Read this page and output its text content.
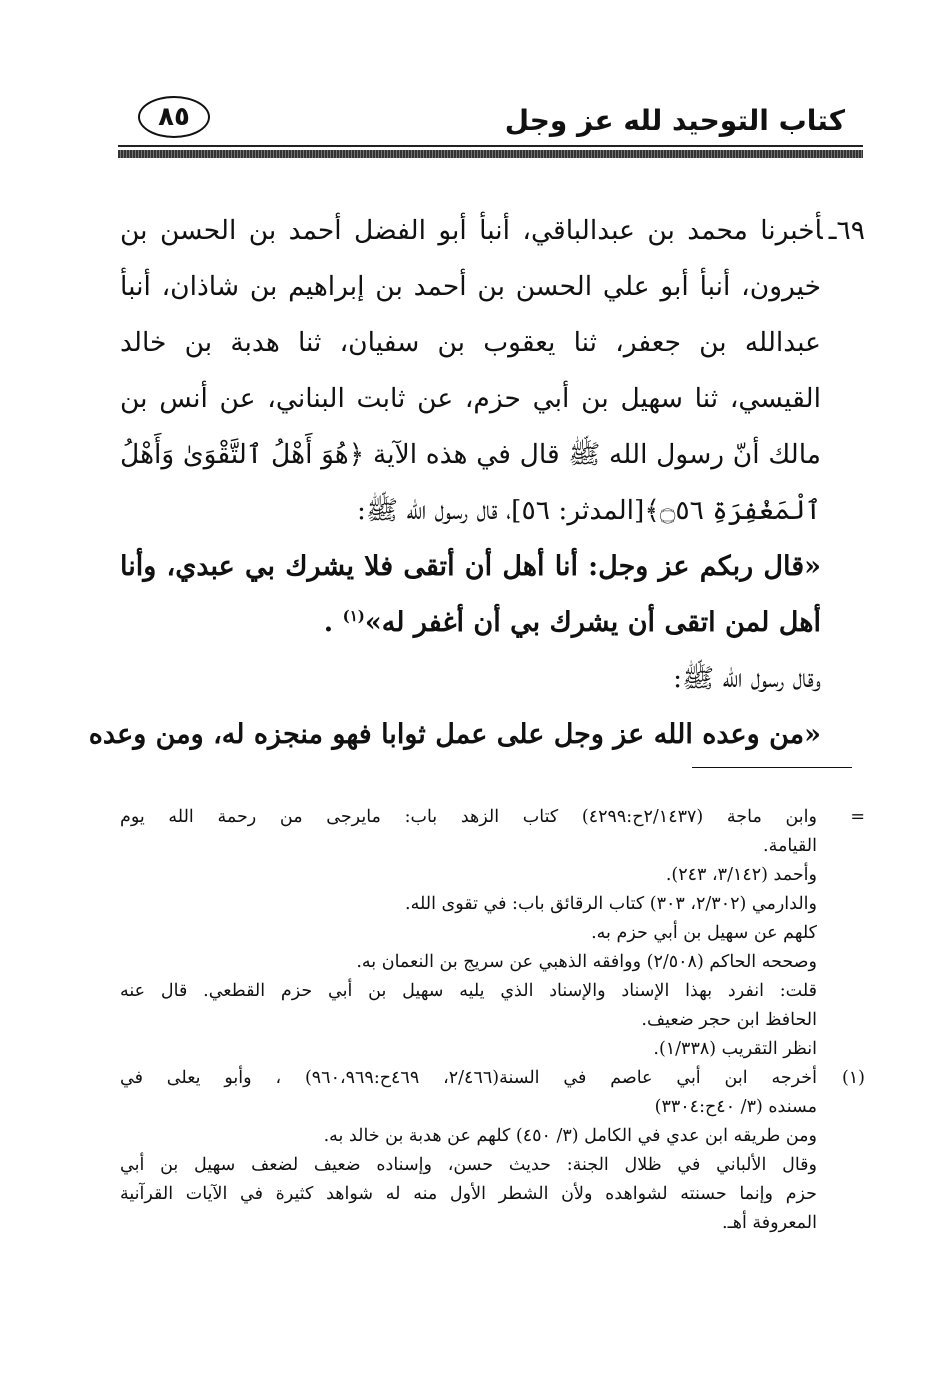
كتاب التوحيد لله عز وجل
٨٥
٦٩ـأخبرنا محمد بن عبدالباقي، أنبأ أبو الفضل أحمد بن الحسن بن
خيرون، أنبأ أبو علي الحسن بن أحمد بن إبراهيم بن شاذان، أنبأ
عبدالله بن جعفر، ثنا يعقوب بن سفيان، ثنا هدبة بن خالد
القيسي، ثنا سهيل بن أبي حزم، عن ثابت البناني، عن أنس بن
مالك أنّ رسول الله ﷺ قال في هذه الآية ﴿هُوَ أَهْلُ ٱلتَّقْوَىٰ وَأَهْلُ
ٱلْمَغْفِرَةِ ۝٥٦﴾[المدثر: ٥٦]، قال رسول الله ﷺ:
«قال ربكم عز وجل: أنا أهل أن أتقى فلا يشرك بي عبدي، وأنا
أهل لمن اتقى أن يشرك بي أن أغفر له»$^{(١)}$ .
وقال رسول الله ﷺ:
«من وعده الله عز وجل على عمل ثوابا فهو منجزه له، ومن وعده
=
وابن ماجة (٢/١٤٣٧ح:٤٢٩٩) كتاب الزهد باب: مايرجى من رحمة الله يوم
القيامة.
وأحمد (٣/١٤٢، ٢٤٣).
والدارمي (٢/٣٠٢، ٣٠٣) كتاب الرقائق باب: في تقوى الله.
كلهم عن سهيل بن أبي حزم به.
وصححه الحاكم (٢/٥٠٨) ووافقه الذهبي عن سريج بن النعمان به.
قلت: انفرد بهذا الإسناد والإسناد الذي يليه سهيل بن أبي حزم القطعي. قال عنه
الحافظ ابن حجر ضعيف.
انظر التقريب (١/٣٣٨).
(١)
أخرجه ابن أبي عاصم في السنة(٢/٤٦٦، ٤٦٩ح:٩٦٠،٩٦٩) ، وأبو يعلى في
مسنده (٣/ ٤٠ح:٣٣٠٤)
ومن طريقه ابن عدي في الكامل (٣/ ٤٥٠) كلهم عن هدبة بن خالد به.
وقال الألباني في ظلال الجنة: حديث حسن، وإسناده ضعيف لضعف سهيل بن أبي
حزم وإنما حسنته لشواهده ولأن الشطر الأول منه له شواهد كثيرة في الآيات القرآنية
المعروفة أهـ.
